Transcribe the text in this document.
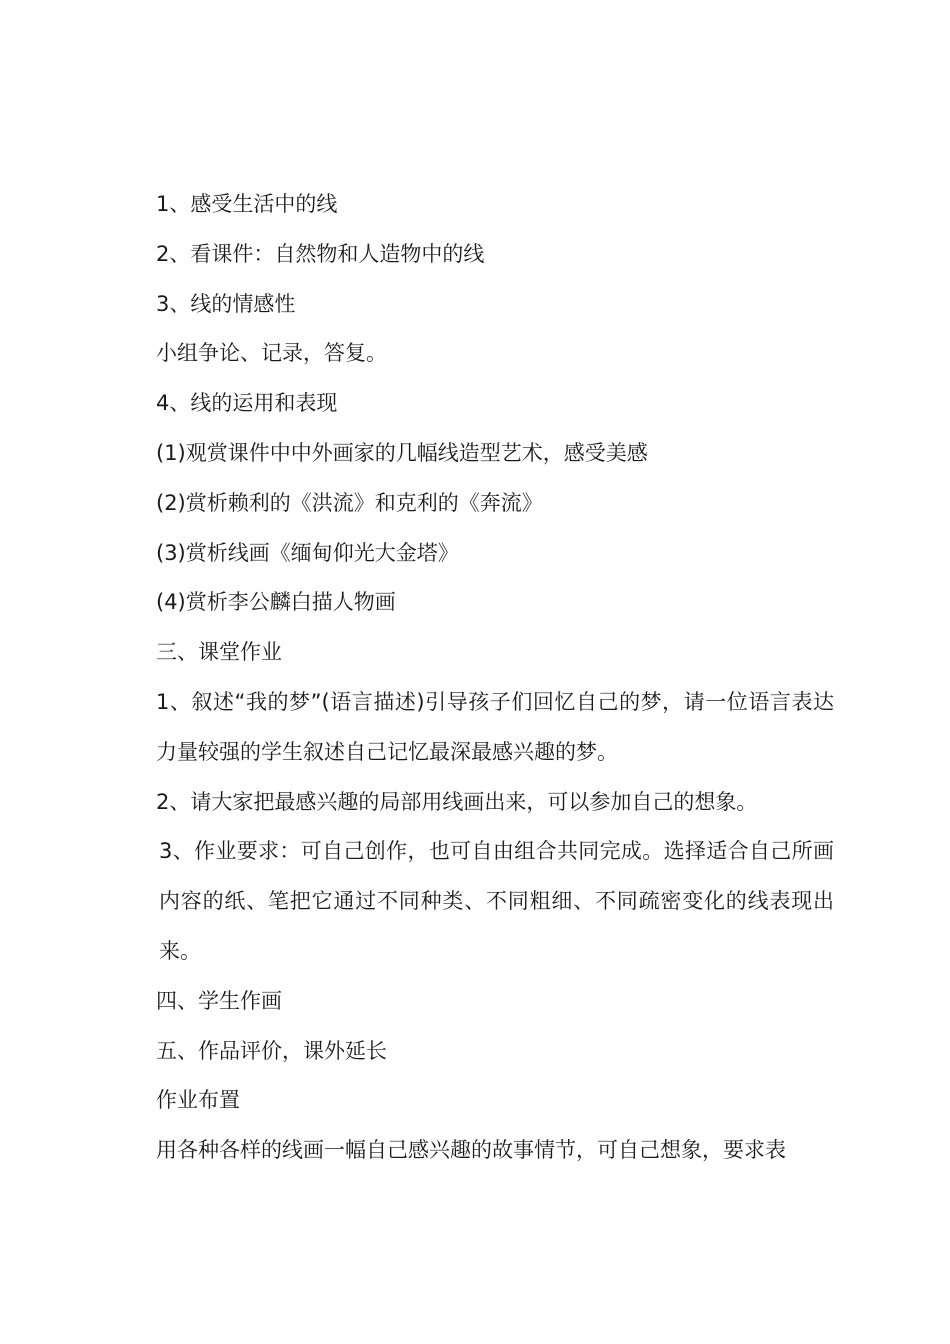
1、感受生活中的线

2、看课件：自然物和人造物中的线

3、线的情感性

小组争论、记录，答复。

4、线的运用和表现

(1)观赏课件中中外画家的几幅线造型艺术，感受美感

(2)赏析赖利的《洪流》和克利的《奔流》

(3)赏析线画《缅甸仰光大金塔》

(4)赏析李公麟白描人物画

三、课堂作业

1、叙述“我的梦”(语言描述)引导孩子们回忆自己的梦，请一位语言表达力量较强的学生叙述自己记忆最深最感兴趣的梦。

2、请大家把最感兴趣的局部用线画出来，可以参加自己的想象。

3、作业要求：可自己创作，也可自由组合共同完成。选择适合自己所画内容的纸、笔把它通过不同种类、不同粗细、不同疏密变化的线表现出来。

四、学生作画

五、作品评价，课外延长

作业布置

用各种各样的线画一幅自己感兴趣的故事情节，可自己想象，要求表
